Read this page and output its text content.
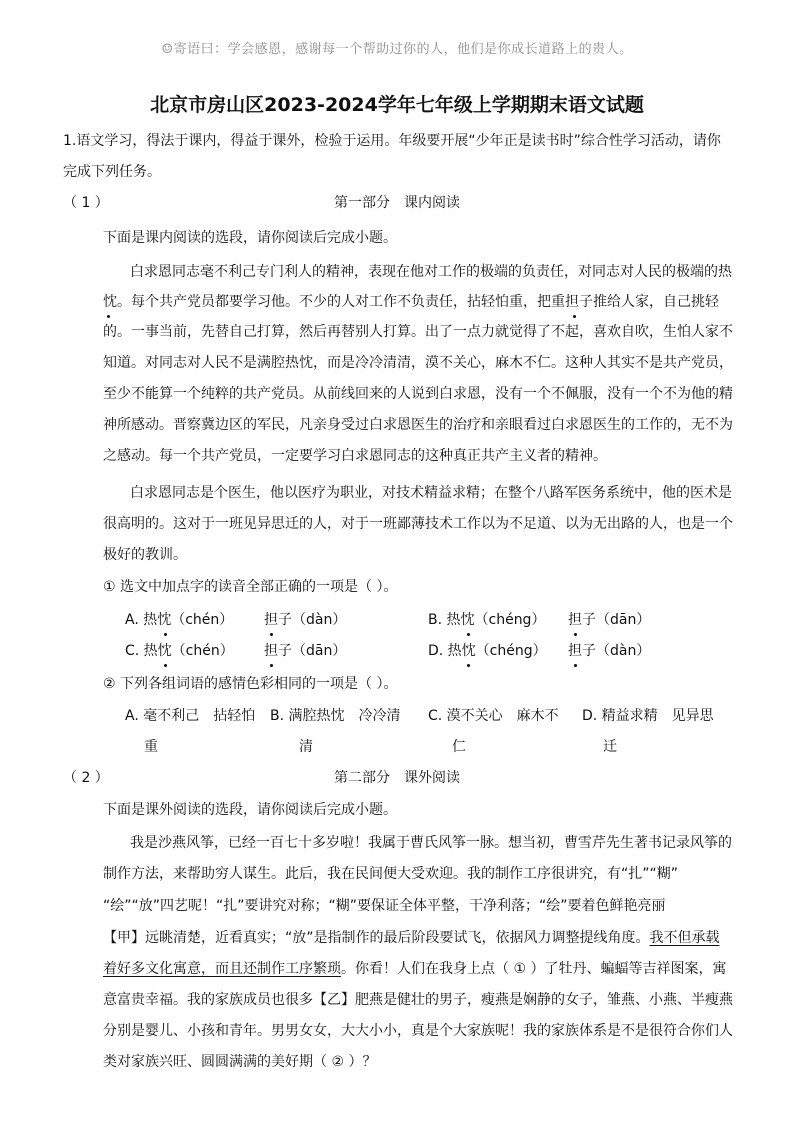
☺寄语曰：学会感恩，感谢每一个帮助过你的人，他们是你成长道路上的贵人。
北京市房山区2023-2024学年七年级上学期期末语文试题
1.语文学习，得法于课内，得益于课外，检验于运用。年级要开展“少年正是读书时”综合性学习活动，请你
完成下列任务。
（ 1 ）	第一部分　课内阅读
下面是课内阅读的选段，请你阅读后完成小题。
白求恩同志毫不利己专门利人的精神，表现在他对工作的极端的负责任，对同志对人民的极端的热
忱。每个共产党员都要学习他。不少的人对工作不负责任，拈轻怕重，把重担子推给人家，自己挑轻
的。一事当前，先替自己打算，然后再替别人打算。出了一点力就觉得了不起，喜欢自吹，生怕人家不
知道。对同志对人民不是满腔热忱，而是冷冷清清，漠不关心，麻木不仁。这种人其实不是共产党员，
至少不能算一个纯粹的共产党员。从前线回来的人说到白求恩，没有一个不佩服，没有一个不为他的精
神所感动。晋察冀边区的军民，凡亲身受过白求恩医生的治疗和亲眼看过白求恩医生的工作的，无不为
之感动。每一个共产党员，一定要学习白求恩同志的这种真正共产主义者的精神。
白求恩同志是个医生，他以医疗为职业，对技术精益求精；在整个八路军医务系统中，他的医术是
很高明的。这对于一班见异思迁的人，对于一班鄙薄技术工作以为不足道、以为无出路的人，也是一个
极好的教训。
① 选文中加点字的读音全部正确的一项是（ ）。
A. 热忱（chén） 担子（dàn）	B. 热忱（chéng） 担子（dān）
C. 热忱（chén） 担子（dān）	D. 热忱（chéng） 担子（dàn）
② 下列各组词语的感情色彩相同的一项是（ ）。
A. 毫不利己　拈轻怕
重
B. 满腔热忱　冷冷清
清
C. 漠不关心　麻木不
仁
D. 精益求精　见异思
迁
（ 2 ）	第二部分　课外阅读
下面是课外阅读的选段，请你阅读后完成小题。
我是沙燕风筝，已经一百七十多岁啦！我属于曹氏风筝一脉。想当初，曹雪芹先生著书记录风筝的
制作方法，来帮助穷人谋生。此后，我在民间便大受欢迎。我的制作工序很讲究，有“扎”“糊”
“绘”“放”四艺呢！“扎”要讲究对称；“糊”要保证全体平整，干净利落；“绘”要着色鲜艳亮丽
【甲】远眺清楚，近看真实；“放”是指制作的最后阶段要试飞，依据风力调整提线角度。我不但承载
着好多文化寓意，而且还制作工序繁琐。你看！人们在我身上点（ ① ）了牡丹、蝙蝠等吉祥图案，寓
意富贵幸福。我的家族成员也很多【乙】肥燕是健壮的男子，瘦燕是娴静的女子，雏燕、小燕、半瘦燕
分别是婴儿、小孩和青年。男男女女，大大小小，真是个大家族呢！我的家族体系是不是很符合你们人
类对家族兴旺、圆圆满满的美好期（ ② ）？
